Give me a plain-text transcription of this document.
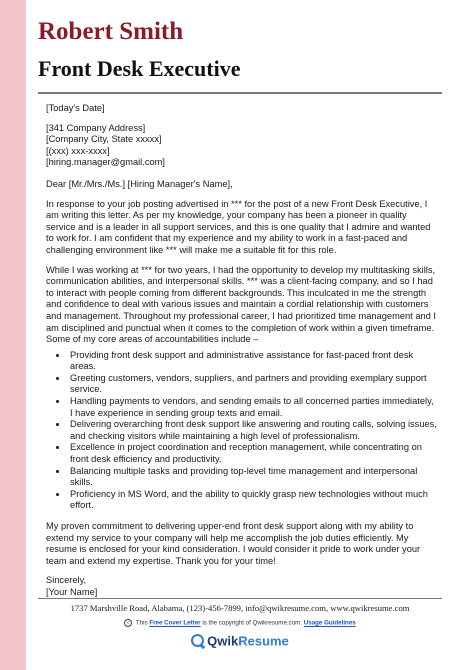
Robert Smith
Front Desk Executive

[Today's Date]

[341 Company Address]
[Company City, State xxxxx]
[(xxx) xxx-xxxx]
[hiring.manager@gmail.com]

Dear [Mr./Mrs./Ms.] [Hiring Manager's Name],

In response to your job posting advertised in *** for the post of a new Front Desk Executive, I am writing this letter. As per my knowledge, your company has been a pioneer in quality service and is a leader in all support services, and this is one quality that I admire and wanted to work for. I am confident that my experience and my ability to work in a fast-paced and challenging environment like *** will make me a suitable fit for this role.

While I was working at *** for two years, I had the opportunity to develop my multitasking skills, communication abilities, and interpersonal skills. *** was a client-facing company, and so I had to interact with people coming from different backgrounds. This inculcated in me the strength and confidence to deal with various issues and maintain a cordial relationship with customers and management. Throughout my professional career, I had prioritized time management and I am disciplined and punctual when it comes to the completion of work within a given timeframe. Some of my core areas of accountabilities include –

• Providing front desk support and administrative assistance for fast-paced front desk areas.
• Greeting customers, vendors, suppliers, and partners and providing exemplary support service.
• Handling payments to vendors, and sending emails to all concerned parties immediately, I have experience in sending group texts and email.
• Delivering overarching front desk support like answering and routing calls, solving issues, and checking visitors while maintaining a high level of professionalism.
• Excellence in project coordination and reception management, while concentrating on front desk efficiency and productivity.
• Balancing multiple tasks and providing top-level time management and interpersonal skills.
• Proficiency in MS Word, and the ability to quickly grasp new technologies without much effort.

My proven commitment to delivering upper-end front desk support along with my ability to extend my service to your company will help me accomplish the job duties efficiently. My resume is enclosed for your kind consideration. I would consider it pride to work under your team and extend my expertise. Thank you for your time!

Sincerely,
[Your Name]
1737 Marshville Road, Alabama, (123)-456-7899, info@qwikresume.com, www.qwikresume.com
c This Free Cover Letter is the copyright of Qwikresume.com. Usage Guidelines
QwikResume
